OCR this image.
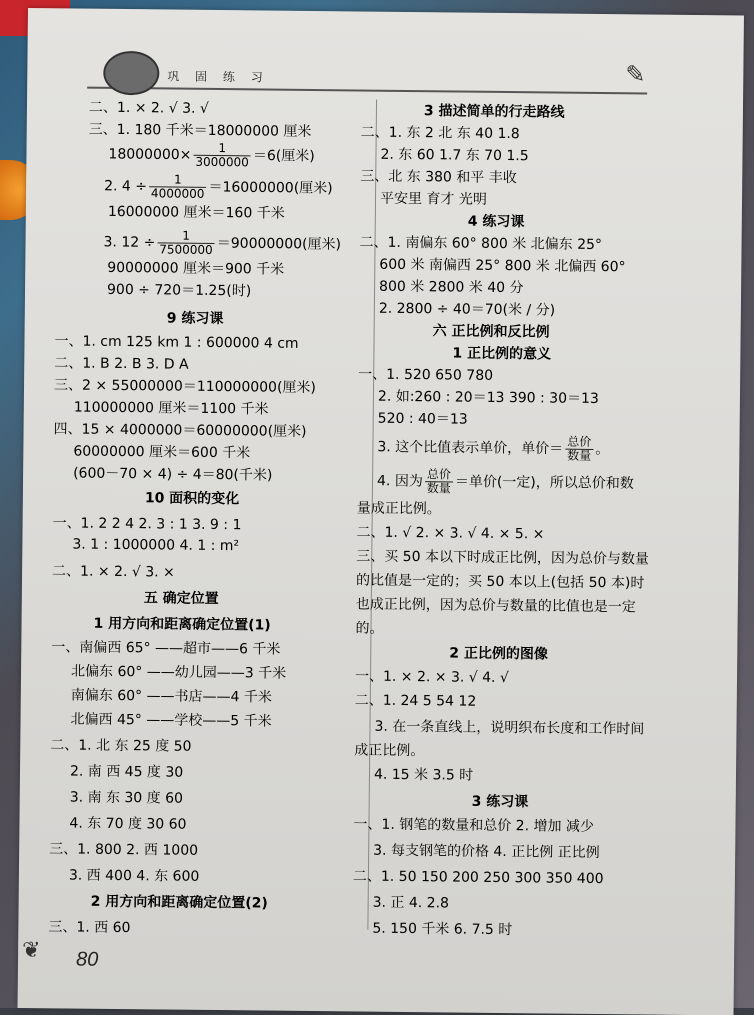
巩 固 练 习	✎
❦	80
二、1. × 2. √ 3. √
三、1. 180 千米＝18000000 厘米
$18000000\times \frac{1}{3000000} =6$(厘米)
2. $4 \div \frac{1}{4000000} =16000000$(厘米)
16000000 厘米＝160 千米
3. $12 \div \frac{1}{7500000} =90000000$(厘米)
90000000 厘米＝900 千米
900 ÷ 720＝1.25(时)
9 练习课
一、1. cm 125 km 1 : 600000 4 cm
二、1. B 2. B 3. D A
三、2 × 55000000＝110000000(厘米)
110000000 厘米＝1100 千米
四、15 × 4000000＝60000000(厘米)
60000000 厘米＝600 千米
(600－70 × 4) ÷ 4＝80(千米)
10 面积的变化
一、1. 2 2 4 2. 3 : 1 3. 9 : 1
3. 1 : 1000000 4. 1 : m²
二、1. × 2. √ 3. ×
五 确定位置
1 用方向和距离确定位置(1)
一、南偏西 65° ——超市——6 千米
北偏东 60° ——幼儿园——3 千米
南偏东 60° ——书店——4 千米
北偏西 45° ——学校——5 千米
二、1. 北 东 25 度 50
2. 南 西 45 度 30
3. 南 东 30 度 60
4. 东 70 度 30 60
三、1. 800 2. 西 1000
3. 西 400 4. 东 600
2 用方向和距离确定位置(2)
三、1. 西 60
3 描述简单的行走路线
二、1. 东 2 北 东 40 1.8
2. 东 60 1.7 东 70 1.5
三、北 东 380 和平 丰收
平安里 育才 光明
4 练习课
二、1. 南偏东 60° 800 米 北偏东 25°
600 米 南偏西 25° 800 米 北偏西 60°
800 米 2800 米 40 分
2. 2800 ÷ 40＝70(米 / 分)
六 正比例和反比例
1 正比例的意义
一、1. 520 650 780
2. 如:260 : 20＝13 390 : 30＝13
520 : 40＝13
3. 这个比值表示单价，单价＝ $\frac{\text{总价}}{\text{数量}}$ 。
4. 因为 $\frac{\text{总价}}{\text{数量}}$ ＝单价(一定)，所以总价和数
量成正比例。
二、1. √ 2. × 3. √ 4. × 5. ×
三、买 50 本以下时成正比例，因为总价与数量
的比值是一定的；买 50 本以上(包括 50 本)时
也成正比例，因为总价与数量的比值也是一定
的。
2 正比例的图像
一、1. × 2. × 3. √ 4. √
二、1. 24 5 54 12
3. 在一条直线上，说明织布长度和工作时间
成正比例。
4. 15 米 3.5 时
3 练习课
一、1. 钢笔的数量和总价 2. 增加 减少
3. 每支钢笔的价格 4. 正比例 正比例
二、1. 50 150 200 250 300 350 400
3. 正 4. 2.8
5. 150 千米 6. 7.5 时
